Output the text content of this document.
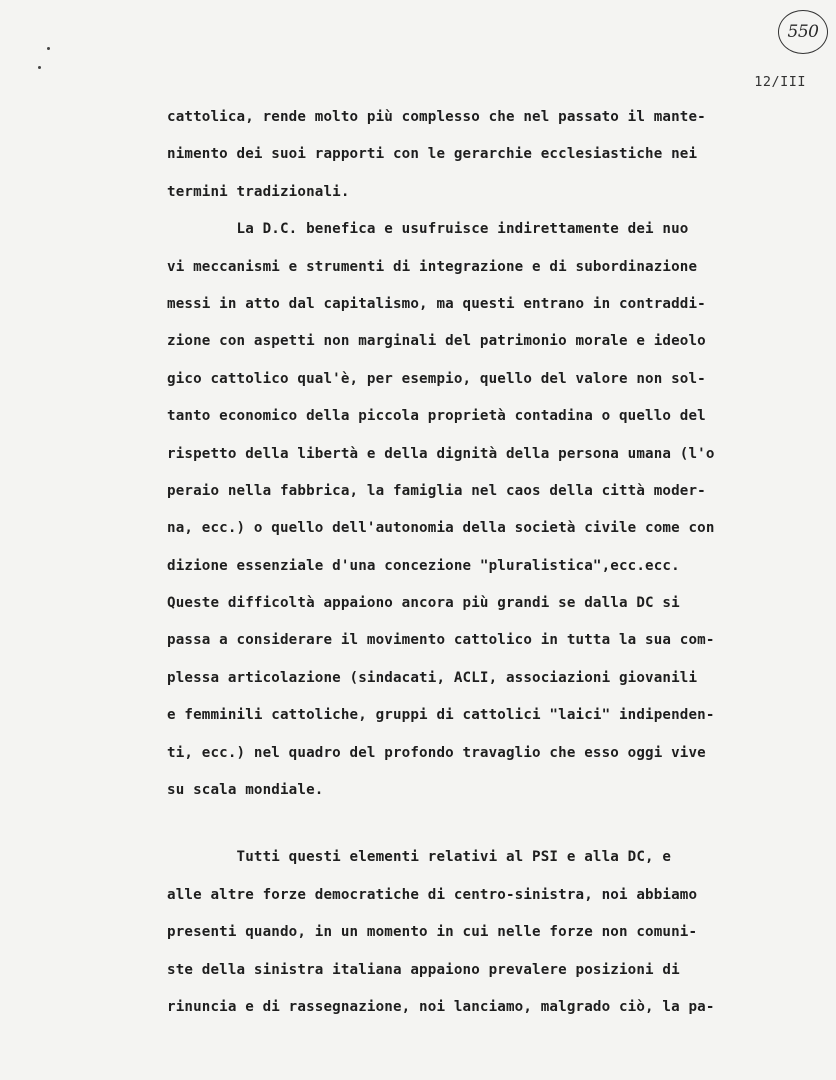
550
12/III
cattolica, rende molto più complesso che nel passato il mante-
nimento dei suoi rapporti con le gerarchie ecclesiastiche nei
termini tradizionali.
La D.C. benefica e usufruisce indirettamente dei nuo
vi meccanismi e strumenti di integrazione e di subordinazione
messi in atto dal capitalismo, ma questi entrano in contraddi-
zione con aspetti non marginali del patrimonio morale e ideolo
gico cattolico qual'è, per esempio, quello del valore non sol-
tanto economico della piccola proprietà contadina o quello del
rispetto della libertà e della dignità della persona umana (l'o
peraio nella fabbrica, la famiglia nel caos della città moder-
na, ecc.) o quello dell'autonomia della società civile come con
dizione essenziale d'una concezione "pluralistica",ecc.ecc.
Queste difficoltà appaiono ancora più grandi se dalla DC si
passa a considerare il movimento cattolico in tutta la sua com-
plessa articolazione (sindacati, ACLI, associazioni giovanili
e femminili cattoliche, gruppi di cattolici "laici" indipenden-
ti, ecc.) nel quadro del profondo travaglio che esso oggi vive
su scala mondiale.
Tutti questi elementi relativi al PSI e alla DC, e
alle altre forze democratiche di centro-sinistra, noi abbiamo
presenti quando, in un momento in cui nelle forze non comuni-
ste della sinistra italiana appaiono prevalere posizioni di
rinuncia e di rassegnazione, noi lanciamo, malgrado ciò, la pa-
